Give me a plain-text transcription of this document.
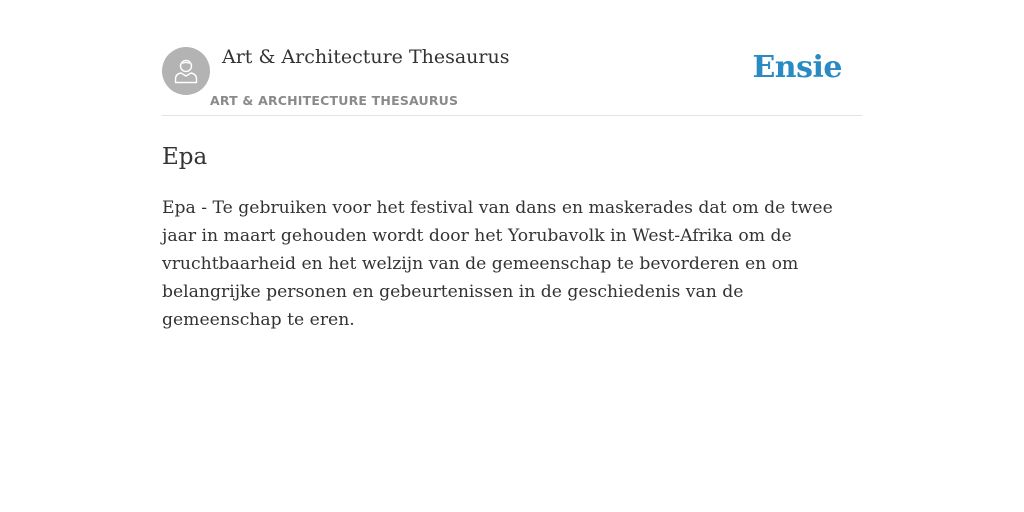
Art & Architecture Thesaurus
ART & ARCHITECTURE THESAURUS
Ensie
Epa

Epa - Te gebruiken voor het festival van dans en maskerades dat om de twee jaar in maart gehouden wordt door het Yorubavolk in West-Afrika om de vruchtbaarheid en het welzijn van de gemeenschap te bevorderen en om belangrijke personen en gebeurtenissen in de geschiedenis van de gemeenschap te eren.
